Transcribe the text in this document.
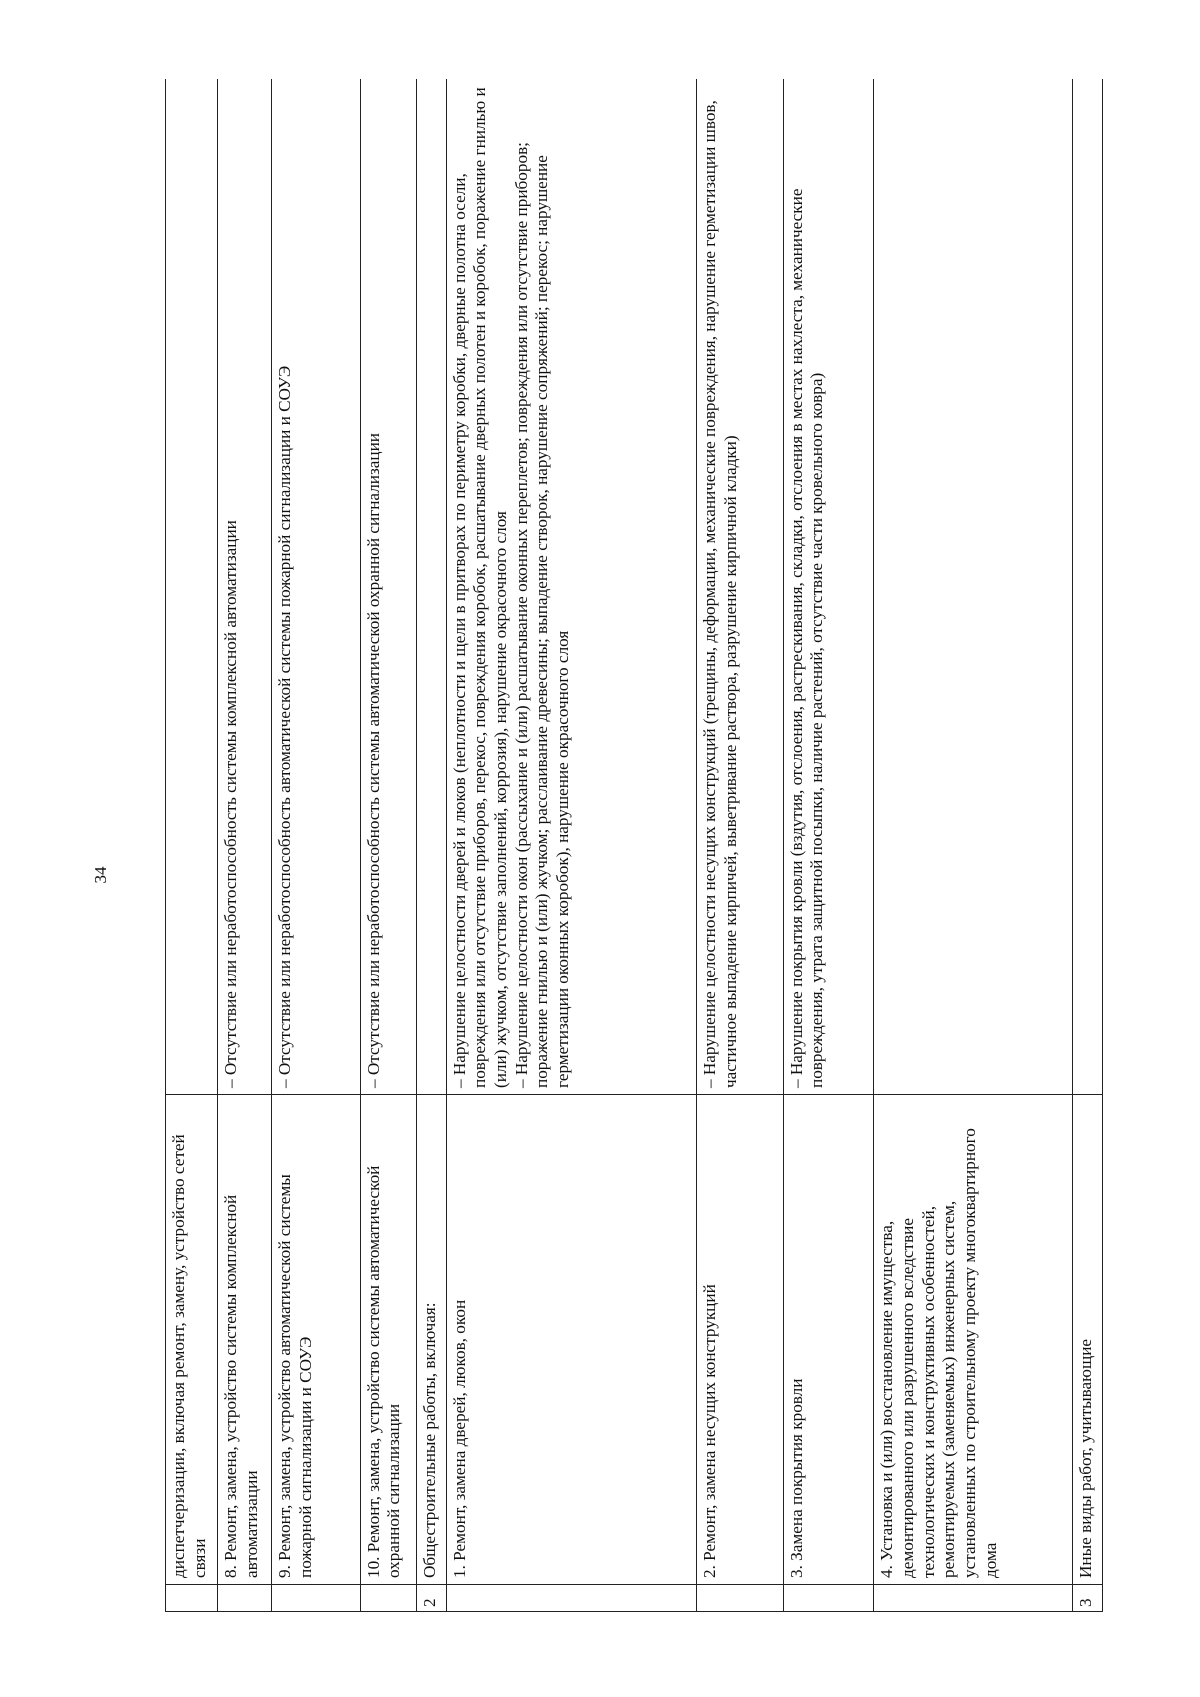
34
	диспетчеризации, включая ремонт, замену, устройство сетей связи	
	8. Ремонт, замена, устройство системы комплексной автоматизации	– Отсутствие или неработоспособность системы комплексной автоматизации

	9. Ремонт, замена, устройство автоматической системы пожарной сигнализации и СОУЭ	– Отсутствие или неработоспособность автоматической системы пожарной сигнализации и СОУЭ

	10. Ремонт, замена, устройство системы автоматической охранной сигнализации	– Отсутствие или неработоспособность системы автоматической охранной сигнализации

2	Общестроительные работы, включая:	
	1. Ремонт, замена дверей, люков, окон	– Нарушение целостности дверей и люков (неплотности и щели в притворах по периметру коробки, дверные полотна осели, повреждения или отсутствие приборов, перекос, повреждения коробок, расшатывание дверных полотен и коробок, поражение гнилью и (или) жучком, отсутствие заполнений, коррозия), нарушение окрасочного слоя – Нарушение целостности окон (рассыхание и (или) расшатывание оконных переплетов; повреждения или отсутствие приборов; поражение гнилью и (или) жучком; расслаивание древесины; выпадение створок, нарушение сопряжений; перекос; нарушение герметизации оконных коробок), нарушение окрасочного слоя

	2. Ремонт, замена несущих конструкций	– Нарушение целостности несущих конструкций (трещины, деформации, механические повреждения, нарушение герметизации швов, частичное выпадение кирпичей, выветривание раствора, разрушение кирпичной кладки)

	3. Замена покрытия кровли	– Нарушение покрытия кровли (вздутия, отслоения, растрескивания, складки, отслоения в местах нахлеста, механические повреждения, утрата защитной посыпки, наличие растений, отсутствие части кровельного ковра)

	4. Установка и (или) восстановление имущества, демонтированного или разрушенного вследствие технологических и конструктивных особенностей, ремонтируемых (заменяемых) инженерных систем, установленных по строительному проекту многоквартирного дома	
3	Иные виды работ, учитывающие	
